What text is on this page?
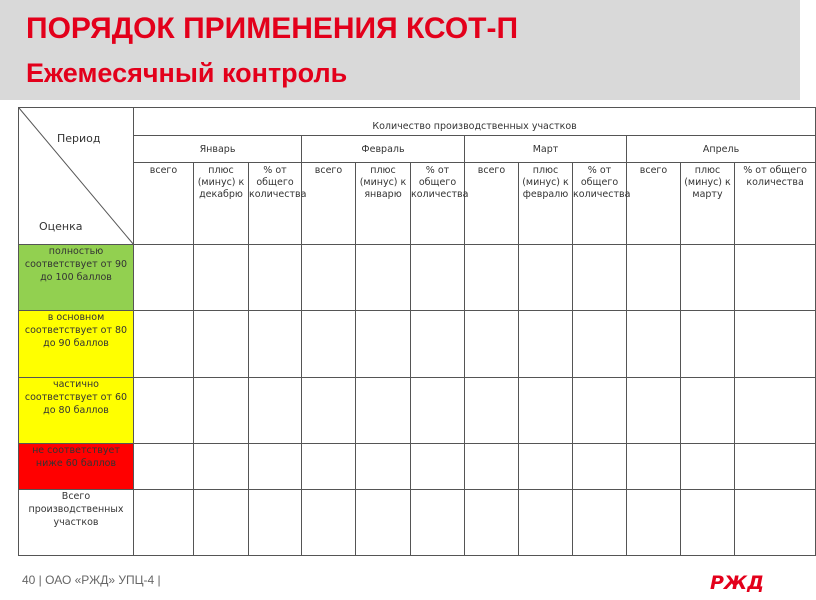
ПОРЯДОК ПРИМЕНЕНИЯ КСОТ-П
Ежемесячный контроль
Период
Оценка	Количество производственных участков											
	Январь			Февраль			Март			Апрель		
	всего	плюс (минус) к декабрю	% от общего количества	всего	плюс (минус) к январю	% от общего количества	всего	плюс (минус) к февралю	% от общего количества	всего	плюс (минус) к марту	% от общего количества
полностью соответствует от 90 до 100 баллов												
в основном соответствует от 80 до 90 баллов												
частично соответствует от 60 до 80 баллов												
не соответствует ниже 60 баллов												
Всего производственных участков												
40 | ОАО «РЖД» УПЦ-4 |	РЖД
